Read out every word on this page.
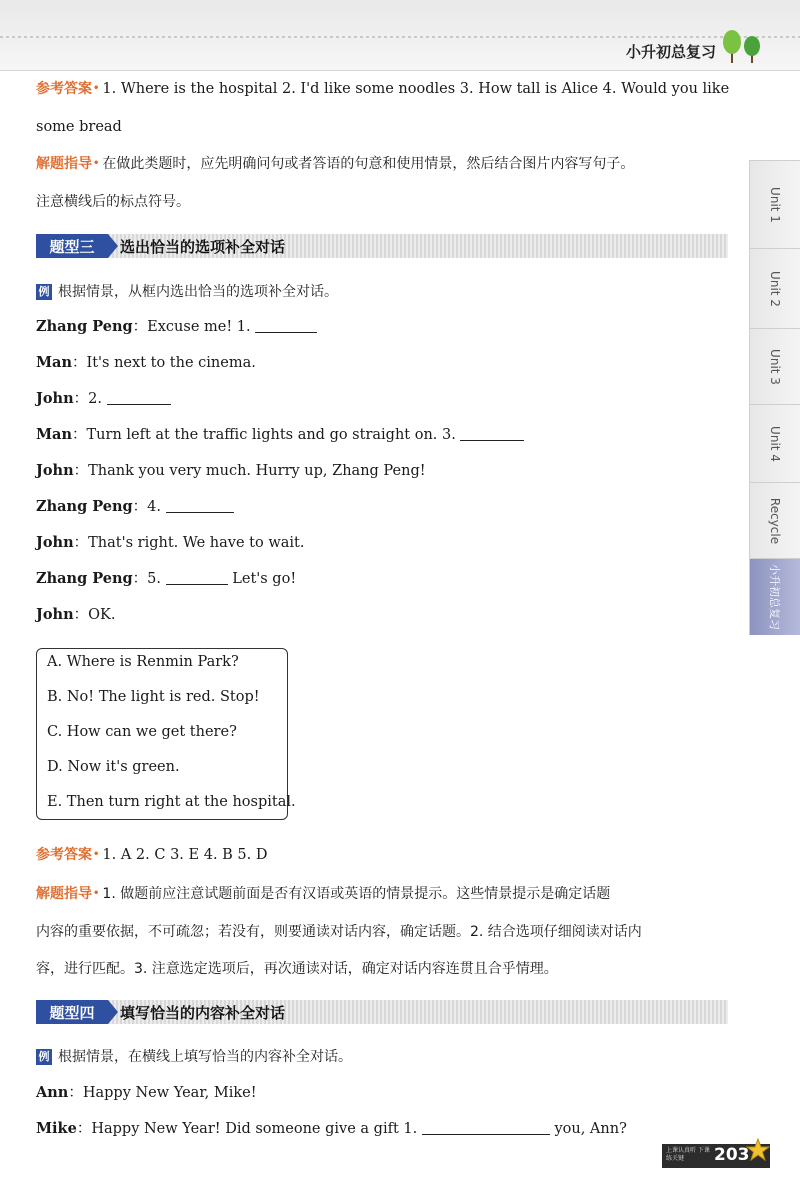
小升初总复习
参考答案• 1. Where is the hospital 2. I'd like some noodles 3. How tall is Alice 4. Would you like
some bread
解题指导• 在做此类题时，应先明确问句或者答语的句意和使用情景，然后结合图片内容写句子。
注意横线后的标点符号。
题型三	选出恰当的选项补全对话
例 根据情景，从框内选出恰当的选项补全对话。
Zhang Peng：Excuse me! 1.
Man：It's next to the cinema.
John：2.
Man：Turn left at the traffic lights and go straight on. 3.
John：Thank you very much. Hurry up, Zhang Peng!
Zhang Peng：4.
John：That's right. We have to wait.
Zhang Peng：5.	Let's go!
John：OK.
A. Where is Renmin Park?
B. No! The light is red. Stop!
C. How can we get there?
D. Now it's green.
E. Then turn right at the hospital.
参考答案• 1. A 2. C 3. E 4. B 5. D
解题指导• 1. 做题前应注意试题前面是否有汉语或英语的情景提示。这些情景提示是确定话题
内容的重要依据，不可疏忽；若没有，则要通读对话内容，确定话题。2. 结合选项仔细阅读对话内
容，进行匹配。3. 注意选定选项后，再次通读对话，确定对话内容连贯且合乎情理。
题型四	填写恰当的内容补全对话
例 根据情景，在横线上填写恰当的内容补全对话。
Ann：Happy New Year, Mike!
Mike：Happy New Year! Did someone give a gift 1.	you, Ann?
Unit 1
Unit 2
Unit 3
Unit 4
Recycle
小升初总复习
上课认真听 下课练关键	203
